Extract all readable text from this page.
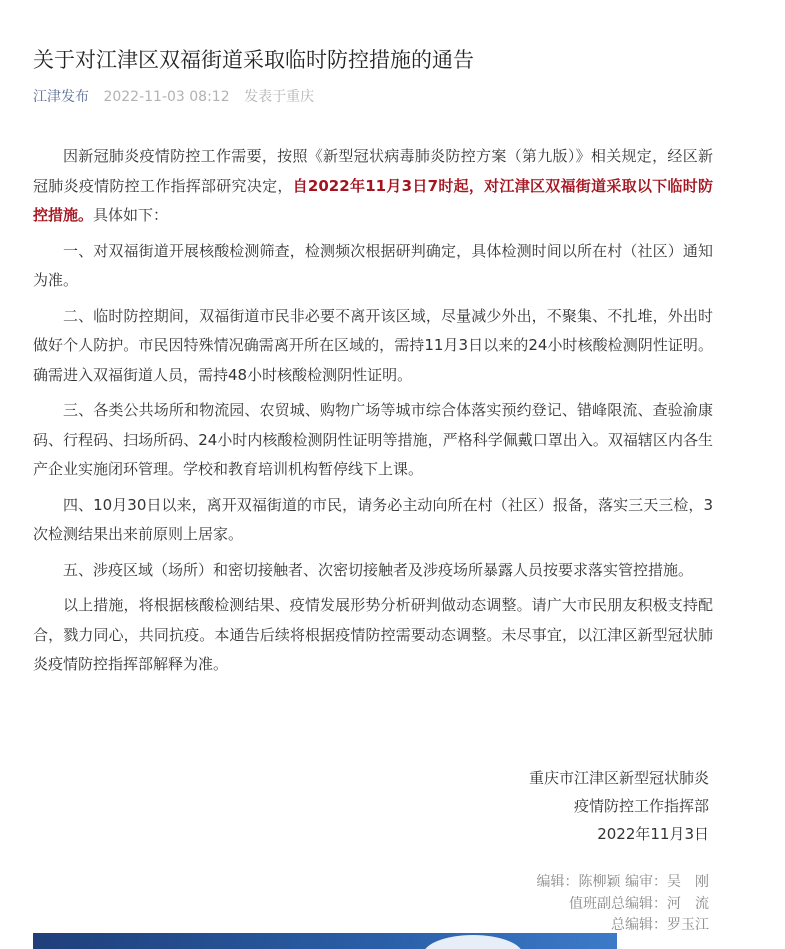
关于对江津区双福街道采取临时防控措施的通告
江津发布 2022-11-03 08:12 发表于重庆

因新冠肺炎疫情防控工作需要，按照《新型冠状病毒肺炎防控方案（第九版）》相关规定，经区新冠肺炎疫情防控工作指挥部研究决定，自2022年11月3日7时起，对江津区双福街道采取以下临时防控措施。具体如下：

一、对双福街道开展核酸检测筛查，检测频次根据研判确定，具体检测时间以所在村（社区）通知为准。

二、临时防控期间，双福街道市民非必要不离开该区域，尽量减少外出，不聚集、不扎堆，外出时做好个人防护。市民因特殊情况确需离开所在区域的，需持11月3日以来的24小时核酸检测阴性证明。确需进入双福街道人员，需持48小时核酸检测阴性证明。

三、各类公共场所和物流园、农贸城、购物广场等城市综合体落实预约登记、错峰限流、查验渝康码、行程码、扫场所码、24小时内核酸检测阴性证明等措施，严格科学佩戴口罩出入。双福辖区内各生产企业实施闭环管理。学校和教育培训机构暂停线下上课。

四、10月30日以来，离开双福街道的市民，请务必主动向所在村（社区）报备，落实三天三检，3次检测结果出来前原则上居家。

五、涉疫区域（场所）和密切接触者、次密切接触者及涉疫场所暴露人员按要求落实管控措施。

以上措施，将根据核酸检测结果、疫情发展形势分析研判做动态调整。请广大市民朋友积极支持配合，戮力同心，共同抗疫。本通告后续将根据疫情防控需要动态调整。未尽事宜，以江津区新型冠状肺炎疫情防控指挥部解释为准。

重庆市江津区新型冠状肺炎
疫情防控工作指挥部
2022年11月3日
编辑：陈柳颖 编审：吴　刚
值班副总编辑：河　流
总编辑：罗玉江
